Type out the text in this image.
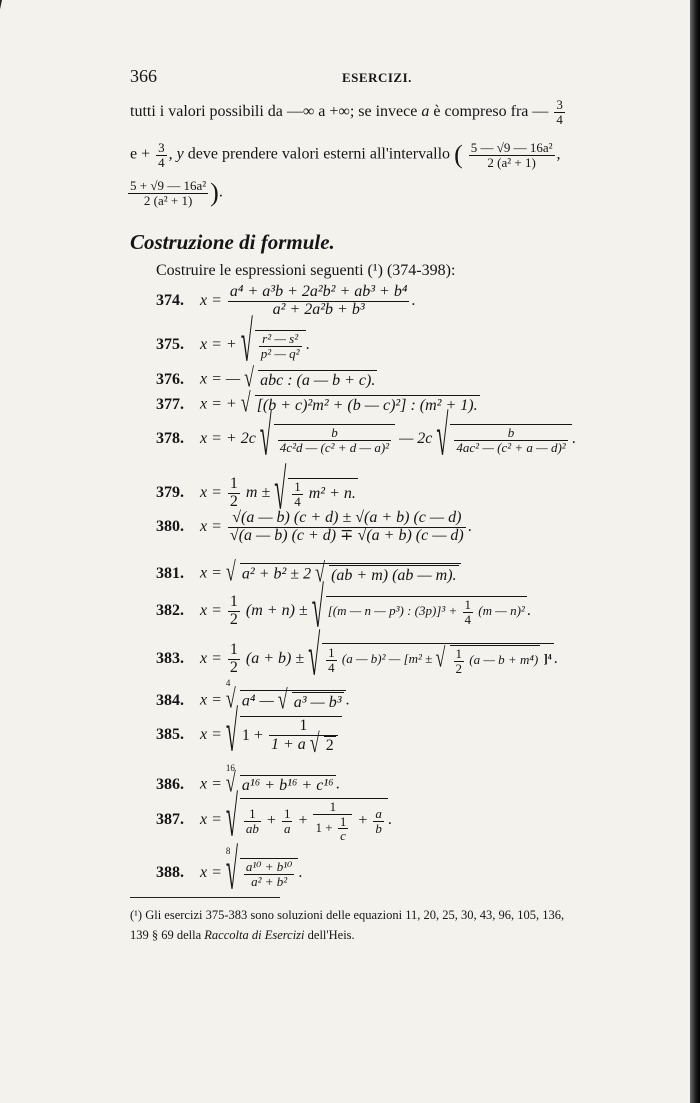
366	ESERCIZI.
tutti i valori possibili da —∞ a +∞; se invece a è compreso fra — $\frac{3}{4}$
$e + \frac{3}{4}$ , y deve prendere valori esterni all'intervallo ( $\frac{\text{5 — √9 — 16a²}}{\text{2 (a² + 1)}}$ ,
$\frac{\text{5 + √9 — 16a²}}{\text{2 (a² + 1)}}$ ).
Costruzione di formule.
Costruire le espressioni seguenti (¹) (374-398):
374. $x = \frac{\text{a⁴ + a³b + 2a²b² + ab³ + b⁴}}{\text{a² + 2a²b + b³}}$ .
375. x = + √ $\frac{\text{r² — s²}}{\text{p² — q²}}$ .
376. x = — √ abc : (a — b + c).
377. x = + √ [(b + c)²m² + (b — c)²] : (m² + 1).
378. x = + 2c √ $\frac{b}{\text{4c²d — (c² + d — a)²}}$ — 2c √ $\frac{b}{\text{4ac² — (c² + a — d)²}}$ .
379. $x = \frac{1}{2}$ m ± √ $\frac{1}{4} m^2 + n$.
380. $x = \frac{√(a — b) (c + d) \pm √(a + b) (c — d)}{√(a — b) (c + d) \mp √(a + b) (c — d)}$ .
381. x = √ a² + b² ± 2 √ (ab + m) (ab — m).
382. $x = \frac{1}{2} (m + n)$ ± √ [(m — n — p³) : $(3p)]^3 + \frac{1}{4} (m$ — n)² .
383. $x = \frac{1}{2} (a + b)$ ± √ $\frac{1}{4} (a$ — b)² — [m² ± √ $\frac{1}{2} (a$ — b + m⁴) ]⁴ .
384. x =
√ 4
a⁴ — √ a³ — b³ .
385. x = √ $1 + \frac{1}{1 + a √ 2}$
386. x =
√ 16
a¹⁶ + b¹⁶ + c¹⁶ .
387. x = √ $\frac{1}{ab} + \frac{1}{a} + \frac{1}{1 + \frac{1}{c}} + \frac{a}{b}$ .
388. x =
√ 8
$\frac{\text{a¹⁰ + b¹⁰}}{\text{a² + b²}}$ .
(¹) Gli esercizi 375-383 sono soluzioni delle equazioni 11, 20, 25, 30, 43, 96, 105, 136,
139 § 69 della Raccolta di Esercizi dell'Heis.
